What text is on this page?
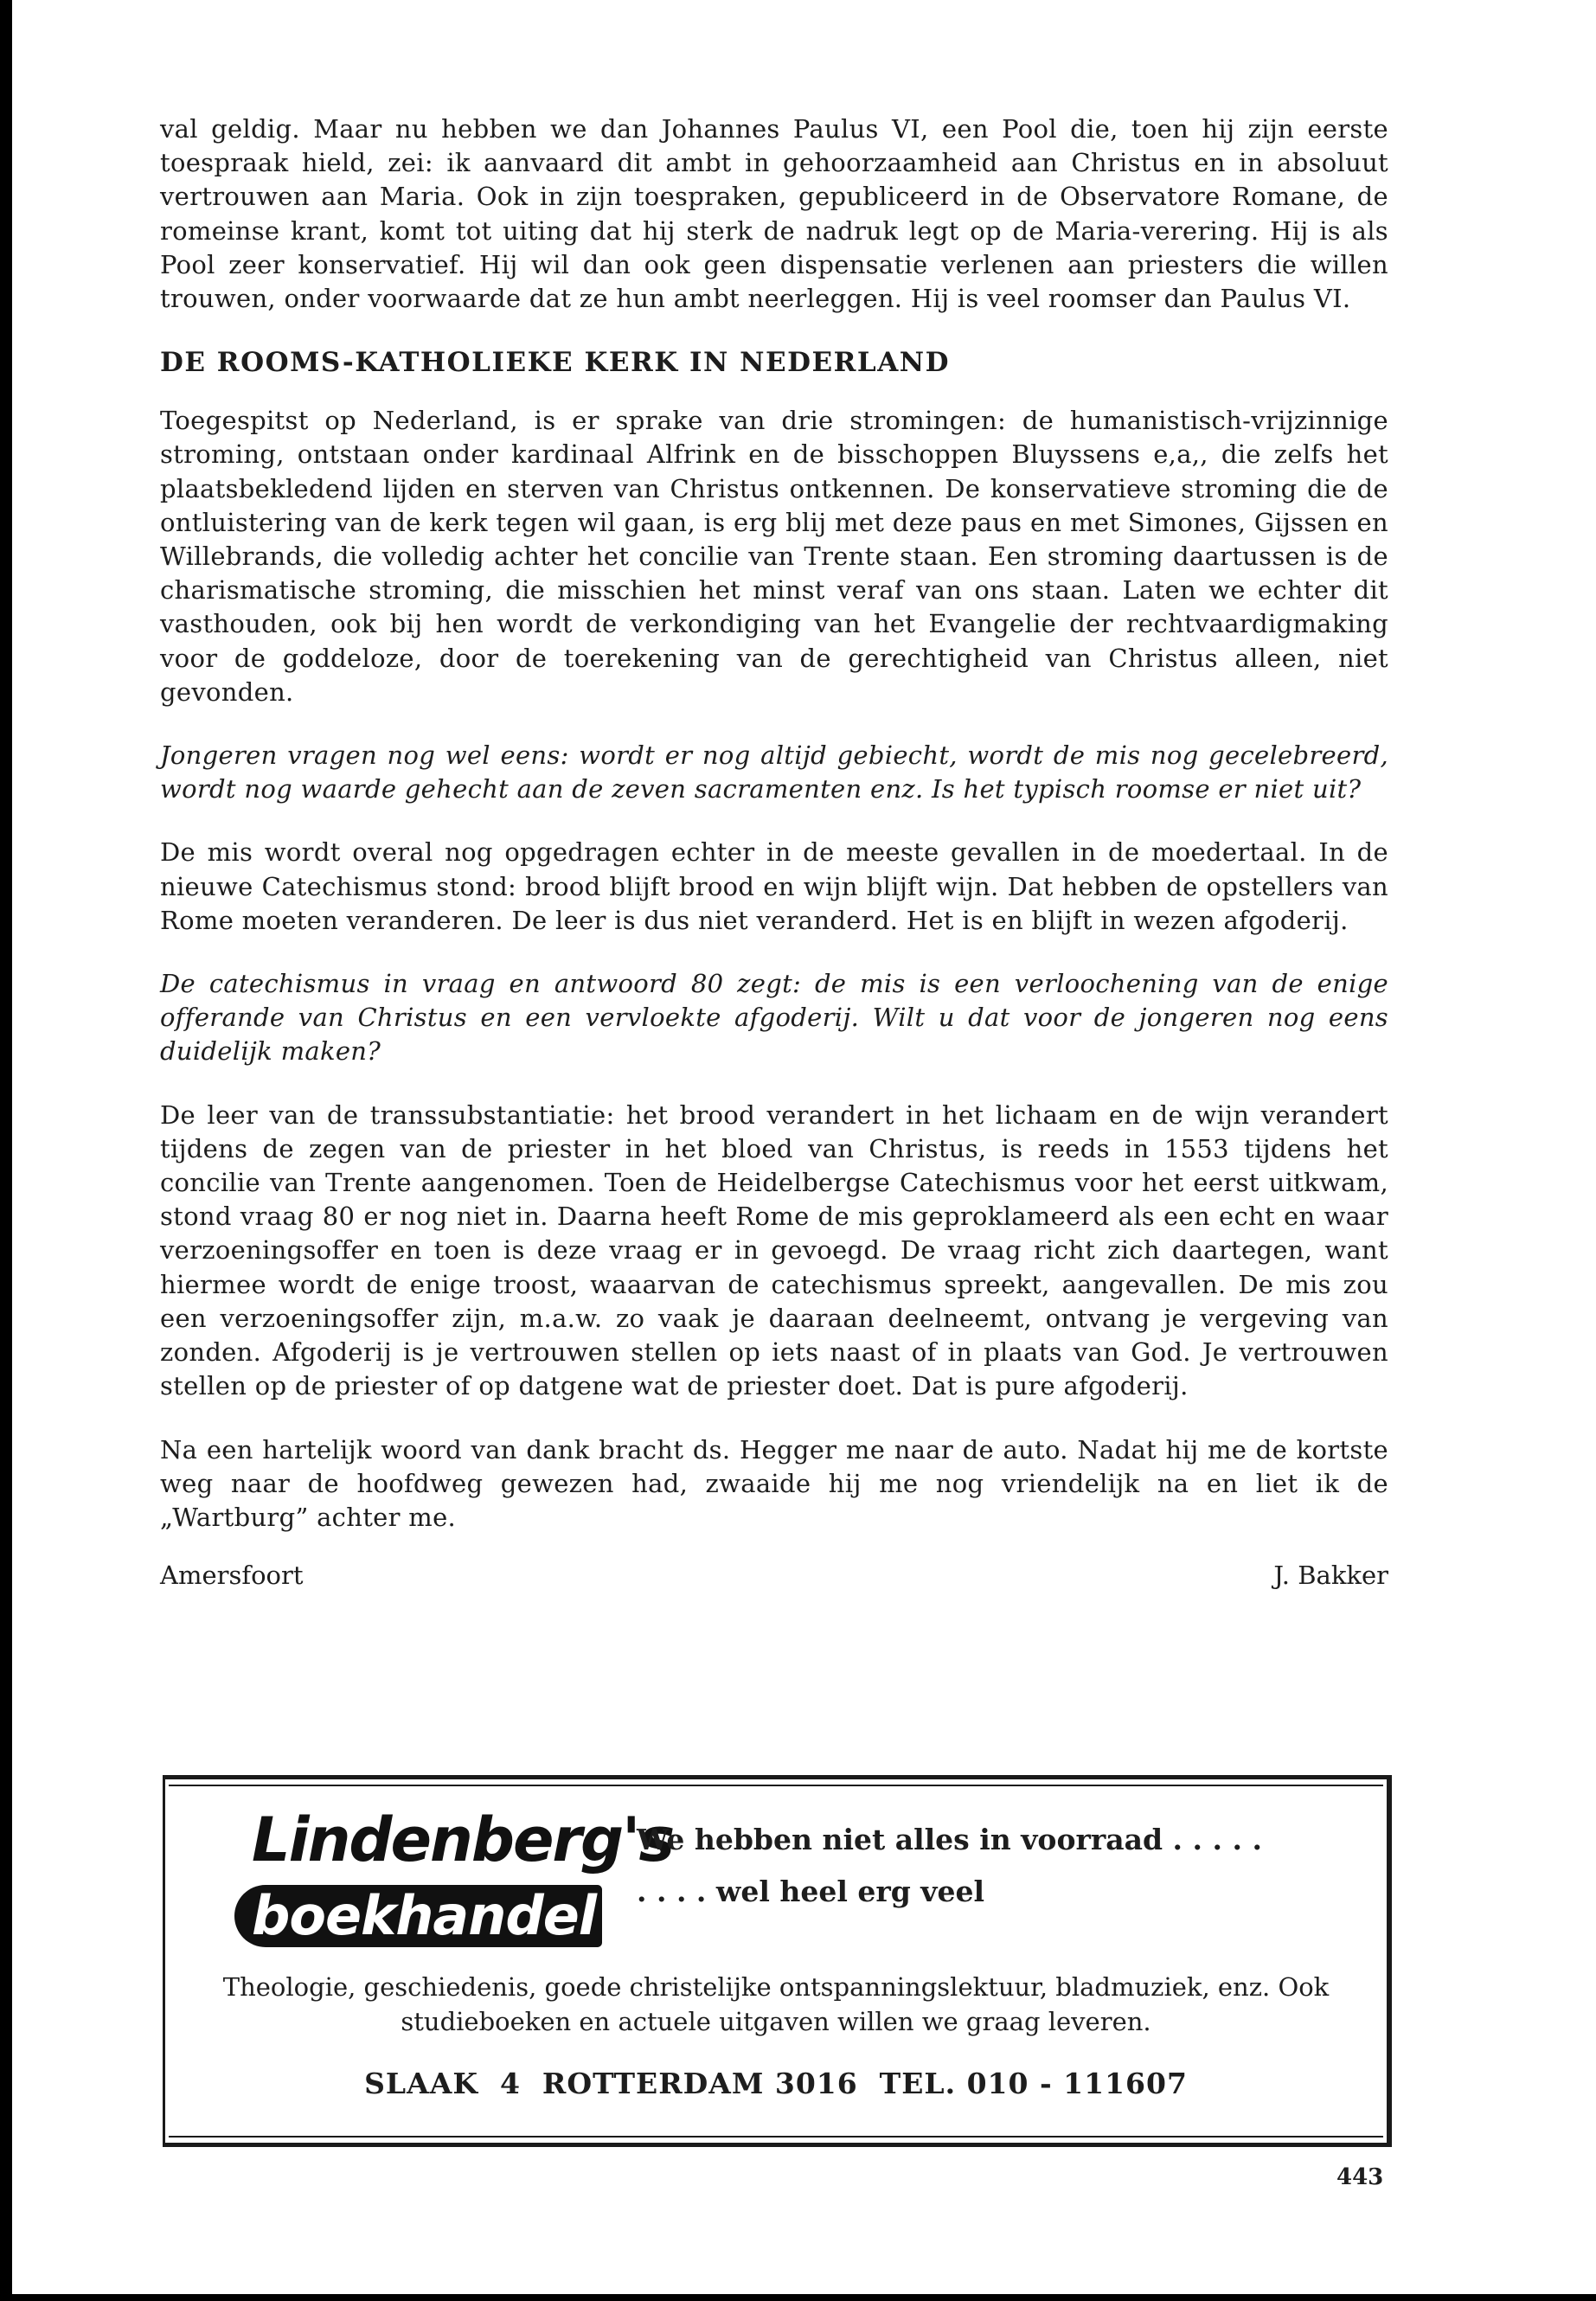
val geldig. Maar nu hebben we dan Johannes Paulus VI, een Pool die, toen hij zijn eerste toespraak hield, zei: ik aanvaard dit ambt in gehoorzaamheid aan Christus en in absoluut vertrouwen aan Maria. Ook in zijn toespraken, gepubliceerd in de Observatore Romane, de romeinse krant, komt tot uiting dat hij sterk de nadruk legt op de Maria-verering. Hij is als Pool zeer konservatief. Hij wil dan ook geen dispensatie verlenen aan priesters die willen trouwen, onder voorwaarde dat ze hun ambt neerleggen. Hij is veel roomser dan Paulus VI.

DE ROOMS-KATHOLIEKE KERK IN NEDERLAND

Toegespitst op Nederland, is er sprake van drie stromingen: de humanistisch-vrijzinnige stroming, ontstaan onder kardinaal Alfrink en de bisschoppen Bluyssens e,a,, die zelfs het plaatsbekledend lijden en sterven van Christus ontkennen. De konservatieve stroming die de ontluistering van de kerk tegen wil gaan, is erg blij met deze paus en met Simones, Gijssen en Willebrands, die volledig achter het concilie van Trente staan. Een stroming daartussen is de charismatische stroming, die misschien het minst veraf van ons staan. Laten we echter dit vasthouden, ook bij hen wordt de verkondiging van het Evangelie der rechtvaardigmaking voor de goddeloze, door de toerekening van de gerechtigheid van Christus alleen, niet gevonden.

Jongeren vragen nog wel eens: wordt er nog altijd gebiecht, wordt de mis nog gecelebreerd, wordt nog waarde gehecht aan de zeven sacramenten enz. Is het typisch roomse er niet uit?

De mis wordt overal nog opgedragen echter in de meeste gevallen in de moedertaal. In de nieuwe Catechismus stond: brood blijft brood en wijn blijft wijn. Dat hebben de opstellers van Rome moeten veranderen. De leer is dus niet veranderd. Het is en blijft in wezen afgoderij.

De catechismus in vraag en antwoord 80 zegt: de mis is een verloochening van de enige offerande van Christus en een vervloekte afgoderij. Wilt u dat voor de jongeren nog eens duidelijk maken?

De leer van de transsubstantiatie: het brood verandert in het lichaam en de wijn verandert tijdens de zegen van de priester in het bloed van Christus, is reeds in 1553 tijdens het concilie van Trente aangenomen. Toen de Heidelbergse Catechismus voor het eerst uitkwam, stond vraag 80 er nog niet in. Daarna heeft Rome de mis geproklameerd als een echt en waar verzoeningsoffer en toen is deze vraag er in gevoegd. De vraag richt zich daartegen, want hiermee wordt de enige troost, waaarvan de catechismus spreekt, aangevallen. De mis zou een verzoeningsoffer zijn, m.a.w. zo vaak je daaraan deelneemt, ontvang je vergeving van zonden. Afgoderij is je vertrouwen stellen op iets naast of in plaats van God. Je vertrouwen stellen op de priester of op datgene wat de priester doet. Dat is pure afgoderij.

Na een hartelijk woord van dank bracht ds. Hegger me naar de auto. Nadat hij me de kortste weg naar de hoofdweg gewezen had, zwaaide hij me nog vriendelijk na en liet ik de „Wartburg” achter me.

Amersfoort	J. Bakker
Lindenberg's
boekhandel
We hebben niet alles in voorraad . . . . .
. . . . wel heel erg veel
Theologie, geschiedenis, goede christelijke ontspanningslektuur, bladmuziek, enz. Ook studieboeken en actuele uitgaven willen we graag leveren.
SLAAK  4  ROTTERDAM 3016  TEL. 010 - 111607
443
